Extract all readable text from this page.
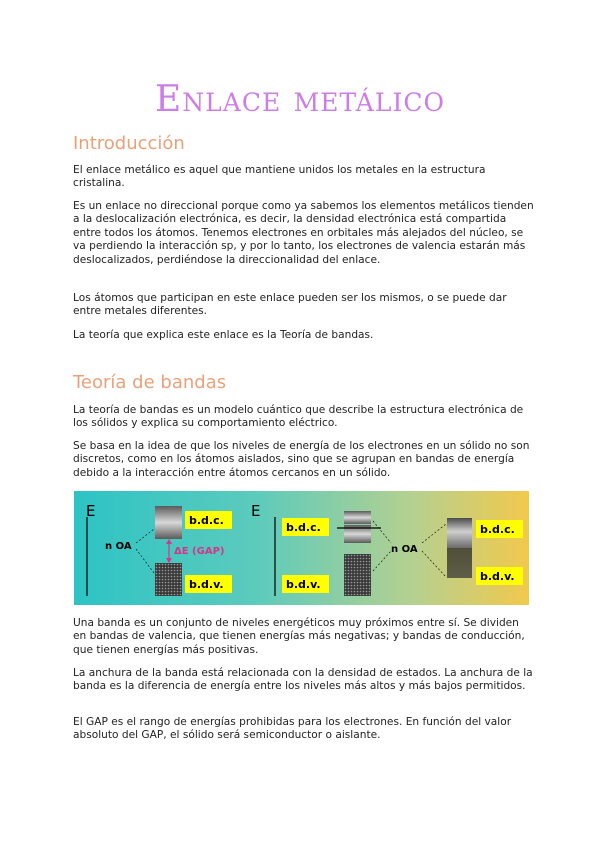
Enlace metálico
Introducción

El enlace metálico es aquel que mantiene unidos los metales en la estructura cristalina.

Es un enlace no direccional porque como ya sabemos los elementos metálicos tienden a la deslocalización electrónica, es decir, la densidad electrónica está compartida entre todos los átomos. Tenemos electrones en orbitales más alejados del núcleo, se va perdiendo la interacción sp, y por lo tanto, los electrones de valencia estarán más deslocalizados, perdiéndose la direccionalidad del enlace.

Los átomos que participan en este enlace pueden ser los mismos, o se puede dar entre metales diferentes.

La teoría que explica este enlace es la Teoría de bandas.

Teoría de bandas

La teoría de bandas es un modelo cuántico que describe la estructura electrónica de los sólidos y explica su comportamiento eléctrico.

Se basa en la idea de que los niveles de energía de los electrones en un sólido no son discretos, como en los átomos aislados, sino que se agrupan en bandas de energía debido a la interacción entre átomos cercanos en un sólido.

E
n OA	ΔE (GAP)
b.d.c.
b.d.v.
E
b.d.c.
b.d.v.
n OA
b.d.c.
b.d.v.

Una banda es un conjunto de niveles energéticos muy próximos entre sí. Se dividen en bandas de valencia, que tienen energías más negativas; y bandas de conducción, que tienen energías más positivas.

La anchura de la banda está relacionada con la densidad de estados. La anchura de la banda es la diferencia de energía entre los niveles más altos y más bajos permitidos.

El GAP es el rango de energías prohibidas para los electrones. En función del valor absoluto del GAP, el sólido será semiconductor o aislante.
